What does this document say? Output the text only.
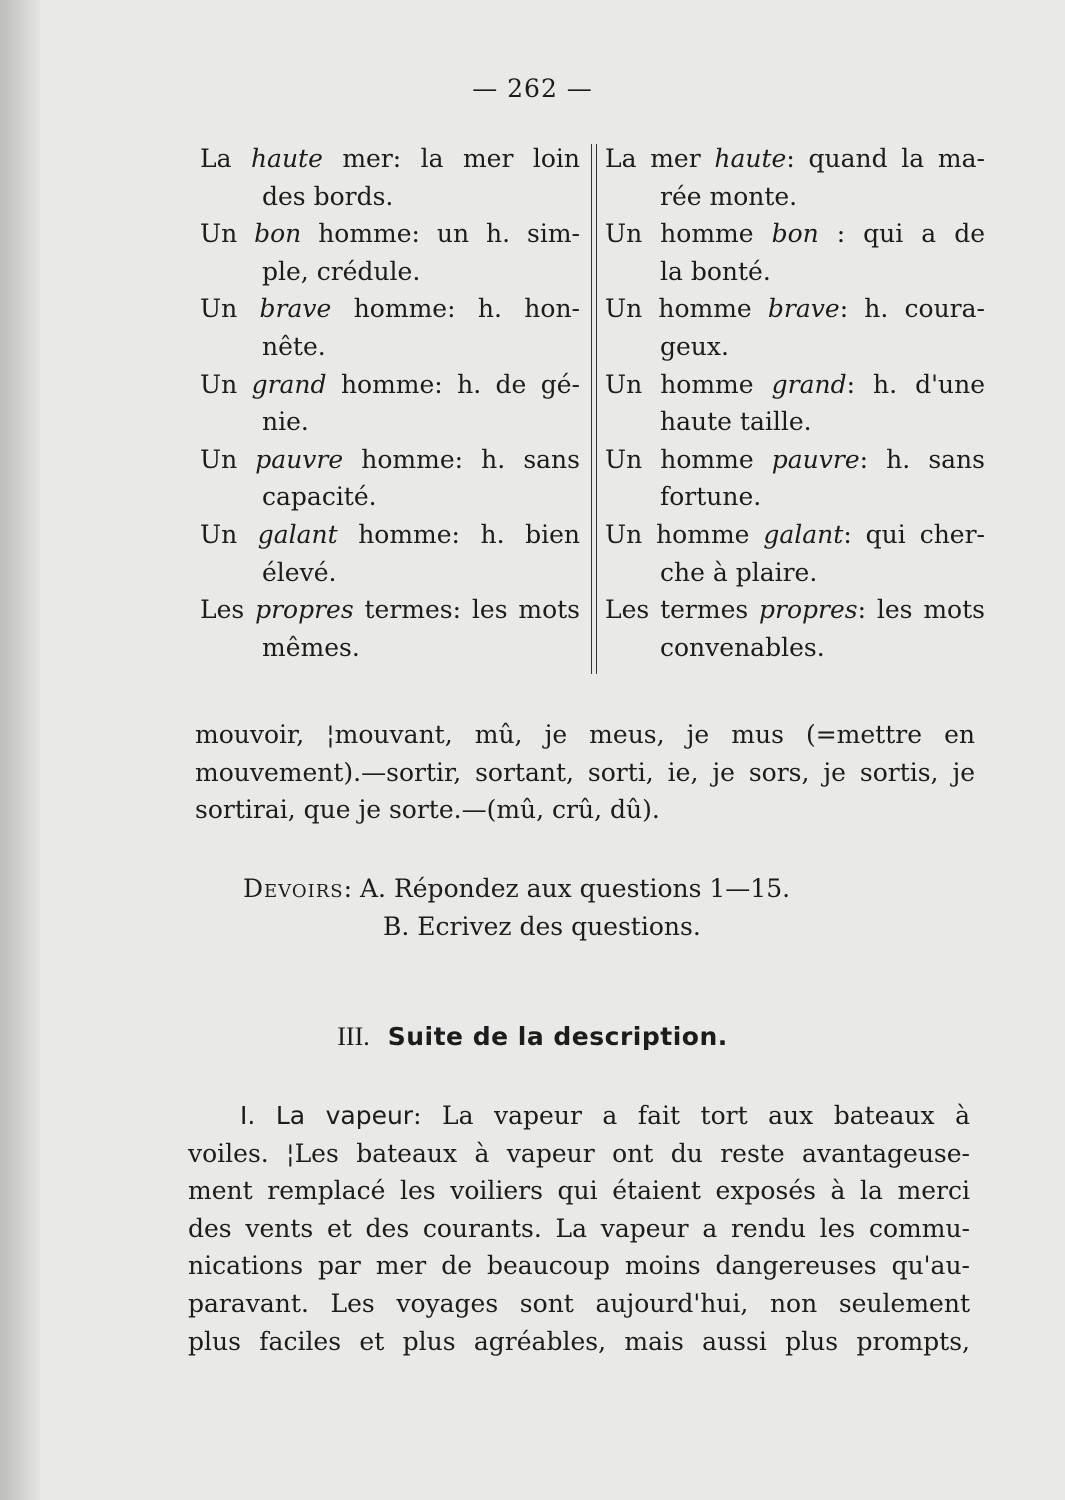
— 262 —
La haute mer: la mer loin
des bords.
Un bon homme: un h. sim-
ple, crédule.
Un brave homme: h. hon-
nête.
Un grand homme: h. de gé-
nie.
Un pauvre homme: h. sans
capacité.
Un galant homme: h. bien
élevé.
Les propres termes: les mots
mêmes.
La mer haute: quand la ma-
rée monte.
Un homme bon : qui a de
la bonté.
Un homme brave: h. coura-
geux.
Un homme grand: h. d'une
haute taille.
Un homme pauvre: h. sans
fortune.
Un homme galant: qui cher-
che à plaire.
Les termes propres: les mots
convenables.
mouvoir, ¦mouvant, mû, je meus, je mus (=mettre en
mouvement).—sortir, sortant, sorti, ie, je sors, je sortis, je
sortirai, que je sorte.—(mû, crû, dû).
Devoirs: A. Répondez aux questions 1—15.
B. Ecrivez des questions.
III. Suite de la description.
I. La vapeur: La vapeur a fait tort aux bateaux à
voiles. ¦Les bateaux à vapeur ont du reste avantageuse-
ment remplacé les voiliers qui étaient exposés à la merci
des vents et des courants. La vapeur a rendu les commu-
nications par mer de beaucoup moins dangereuses qu'au-
paravant. Les voyages sont aujourd'hui, non seulement
plus faciles et plus agréables, mais aussi plus prompts,
